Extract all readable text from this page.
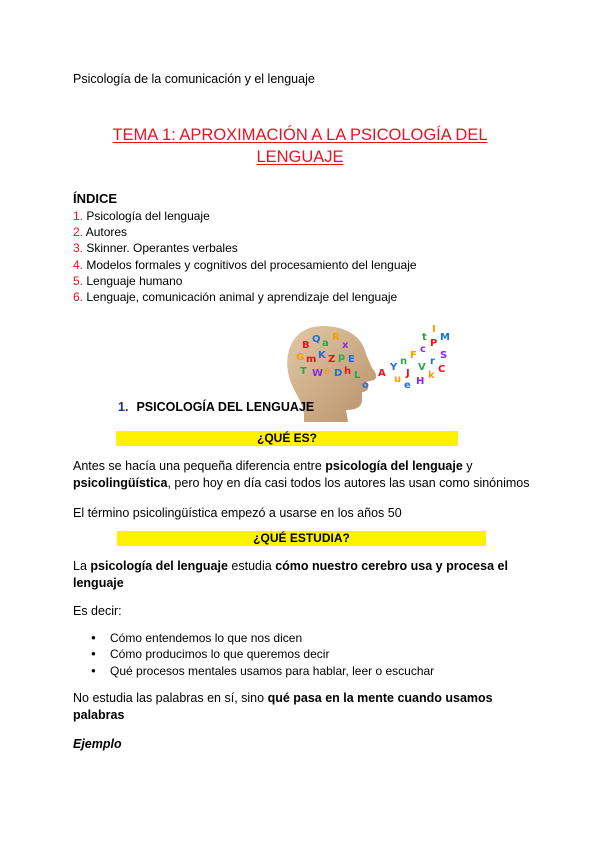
Psicología de la comunicación y el lenguaje
TEMA 1: APROXIMACIÓN A LA PSICOLOGÍA DEL
LENGUAJE
ÍNDICE
1. Psicología del lenguaje
2. Autores
3. Skinner. Operantes verbales
4. Modelos formales y cognitivos del procesamiento del lenguaje
5. Lenguaje humano
6. Lenguaje, comunicación animal y aprendizaje del lenguaje
B
Q a
R
x
G m K Z p E
T W s D h L
o
A
Y
n
F
c
P
M
u
J
V
r
S
e H
k
C
t
I
1. PSICOLOGÍA DEL LENGUAJE
¿QUÉ ES?
Antes se hacía una pequeña diferencia entre psicología del lenguaje y psicolingüística, pero hoy en día casi todos los autores las usan como sinónimos
El término psicolingüística empezó a usarse en los años 50
¿QUÉ ESTUDIA?
La psicología del lenguaje estudia cómo nuestro cerebro usa y procesa el lenguaje
Es decir:
● Cómo entendemos lo que nos dicen
● Cómo producimos lo que queremos decir
● Qué procesos mentales usamos para hablar, leer o escuchar
No estudia las palabras en sí, sino qué pasa en la mente cuando usamos palabras
Ejemplo
